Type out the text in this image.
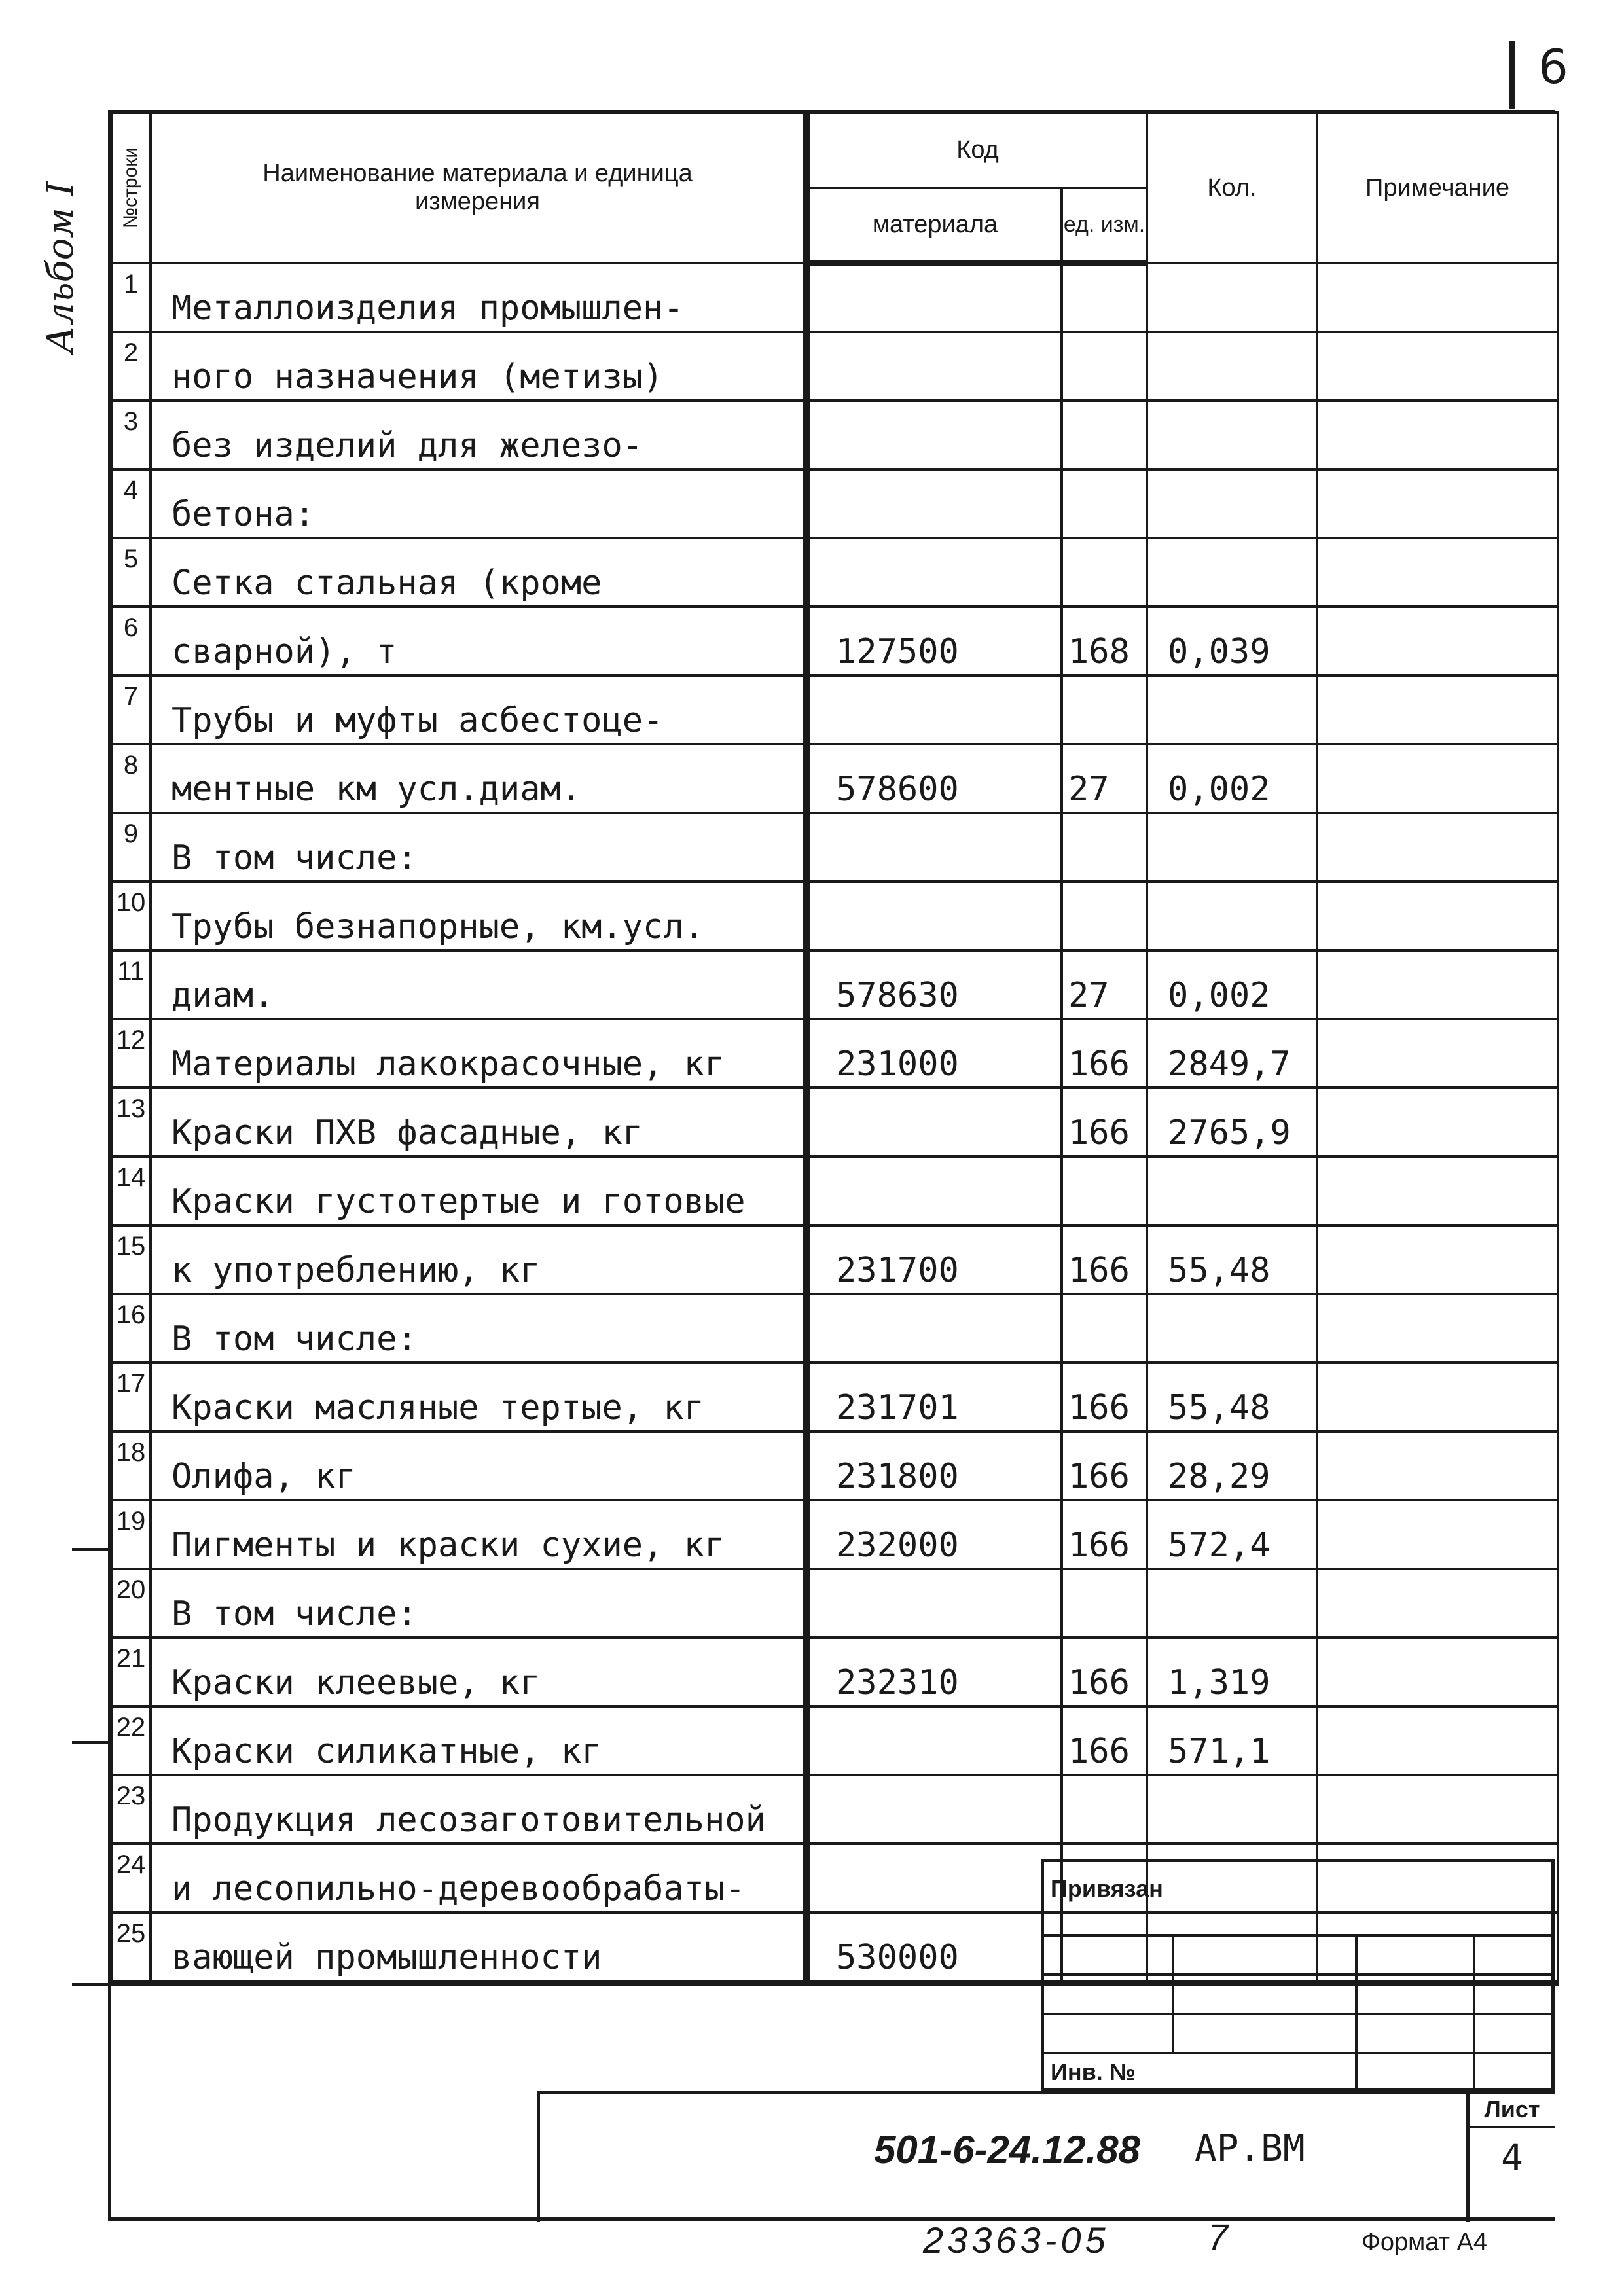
6
Альбом I №строки	Наименование материала и единица измерения	Код		Кол.	Примечание
		материала	ед. изм.		
1	Металлоизделия промышлен-				
2	ного назначения (метизы)				
3	без изделий для железо-				
4	бетона:				
5	Сетка стальная (кроме				
6	сварной), т	127500	168	0,039	
7	Трубы и муфты асбестоце-				
8	ментные км усл.диам.	578600	27	0,002	
9	В том числе:				
10	Трубы безнапорные, км.усл.				
11	диам.	578630	27	0,002	
12	Материалы лакокрасочные, кг	231000	166	2849,7	
13	Краски ПХВ фасадные, кг		166	2765,9	
14	Краски густотертые и готовые				
15	к употреблению, кг	231700	166	55,48	
16	В том числе:				
17	Краски масляные тертые, кг	231701	166	55,48	
18	Олифа, кг	231800	166	28,29	
19	Пигменты и краски сухие, кг	232000	166	572,4	
20	В том числе:				
21	Краски клеевые, кг	232310	166	1,319	
22	Краски силикатные, кг		166	571,1	
23	Продукция лесозаготовительной				
24	и лесопильно-деревообрабаты-				
25	вающей промышленности	530000			
Привязан
Инв. №
501-6-24.12.88 АР.ВМ
Лист
4
23363-05	7	Формат А4
